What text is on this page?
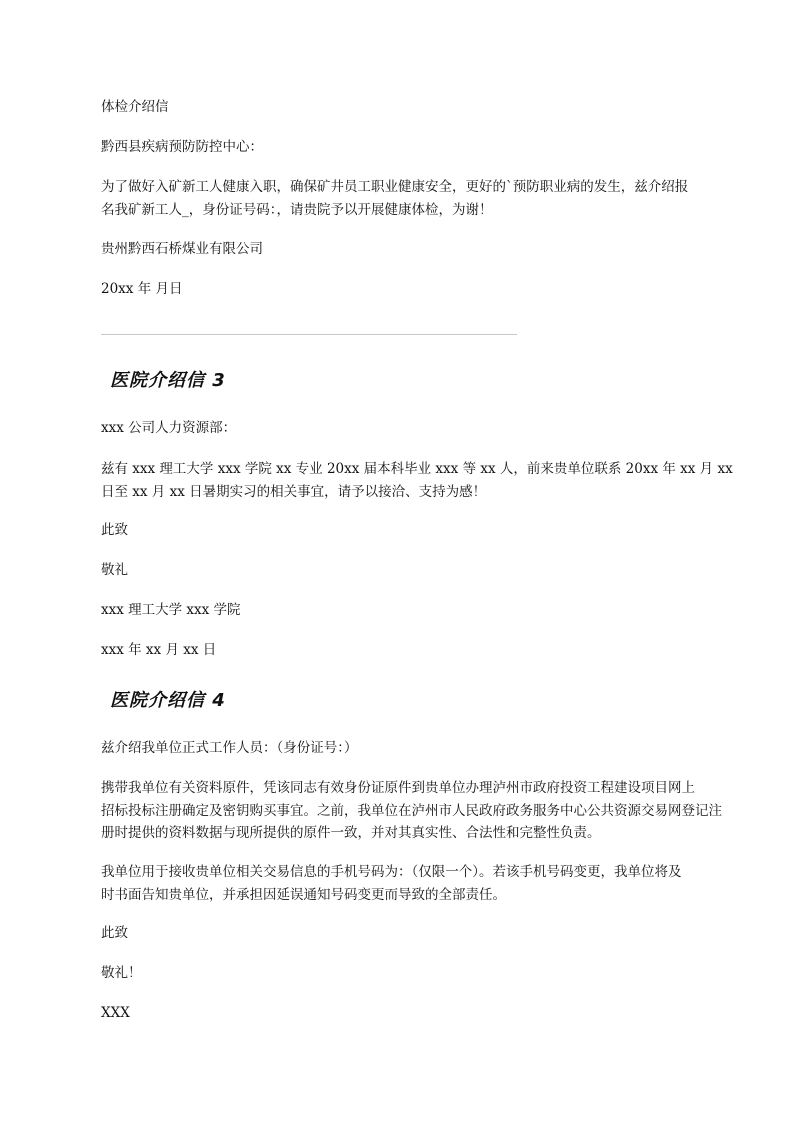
体检介绍信
黔西县疾病预防防控中心：
为了做好入矿新工人健康入职，确保矿井员工职业健康安全，更好的`预防职业病的发生，兹介绍报
名我矿新工人_，身份证号码：，请贵院予以开展健康体检，为谢！
贵州黔西石桥煤业有限公司
20xx 年 月日
医院介绍信 3
xxx 公司人力资源部：
兹有 xxx 理工大学 xxx 学院 xx 专业 20xx 届本科毕业 xxx 等 xx 人，前来贵单位联系 20xx 年 xx 月 xx
日至 xx 月 xx 日暑期实习的相关事宜，请予以接洽、支持为感！
此致
敬礼
xxx 理工大学 xxx 学院
xxx 年 xx 月 xx 日
医院介绍信 4
兹介绍我单位正式工作人员：（身份证号：）
携带我单位有关资料原件，凭该同志有效身份证原件到贵单位办理泸州市政府投资工程建设项目网上
招标投标注册确定及密钥购买事宜。之前，我单位在泸州市人民政府政务服务中心公共资源交易网登记注
册时提供的资料数据与现所提供的原件一致，并对其真实性、合法性和完整性负责。
我单位用于接收贵单位相关交易信息的手机号码为：（仅限一个）。若该手机号码变更，我单位将及
时书面告知贵单位，并承担因延误通知号码变更而导致的全部责任。
此致
敬礼！
XXX
